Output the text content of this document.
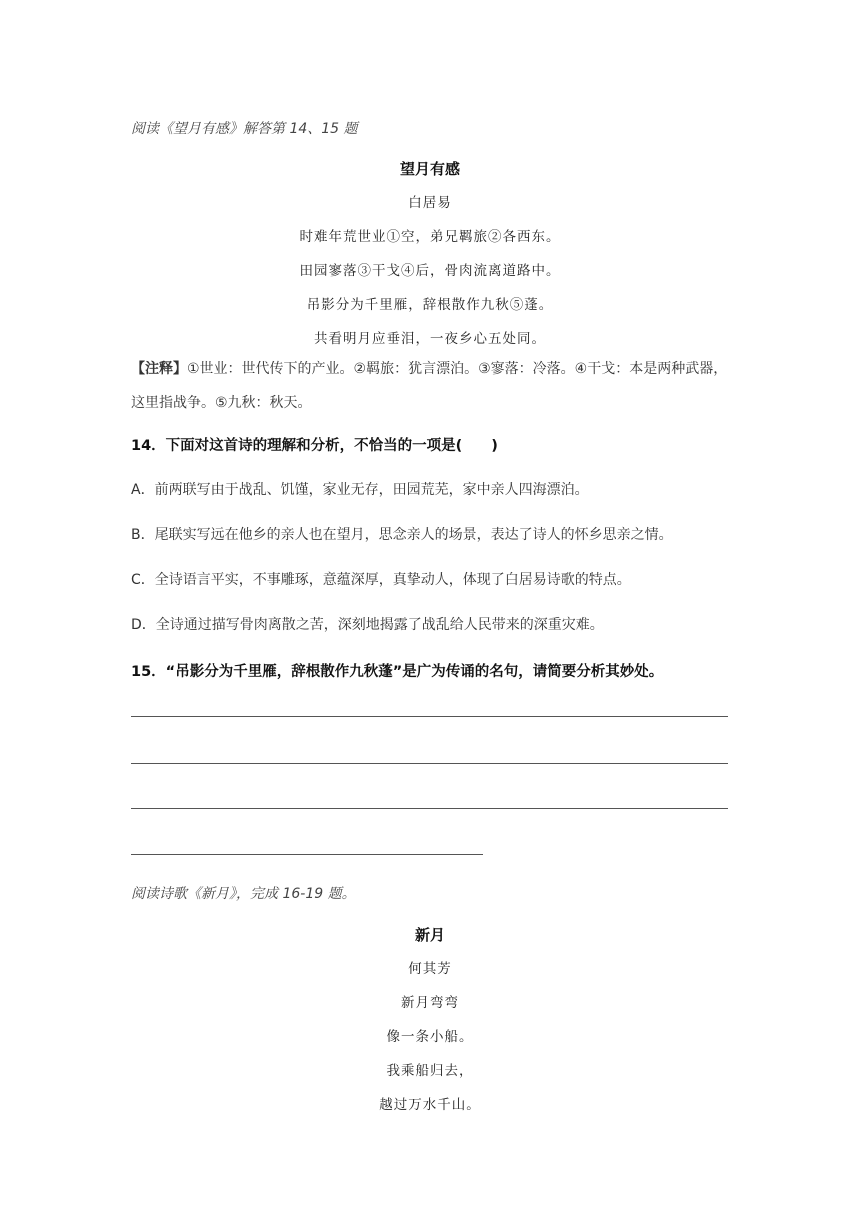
阅读《望月有感》解答第 14、15 题
望月有感
白居易
时难年荒世业①空，弟兄羁旅②各西东。
田园寥落③干戈④后，骨肉流离道路中。
吊影分为千里雁，辞根散作九秋⑤蓬。
共看明月应垂泪，一夜乡心五处同。
【注释】①世业：世代传下的产业。②羁旅：犹言漂泊。③寥落：冷落。④干戈：本是两种武器，这里指战争。⑤九秋：秋天。
14．下面对这首诗的理解和分析，不恰当的一项是(　　)
A．前两联写由于战乱、饥馑，家业无存，田园荒芜，家中亲人四海漂泊。
B．尾联实写远在他乡的亲人也在望月，思念亲人的场景，表达了诗人的怀乡思亲之情。
C．全诗语言平实，不事雕琢，意蕴深厚，真挚动人，体现了白居易诗歌的特点。
D．全诗通过描写骨肉离散之苦，深刻地揭露了战乱给人民带来的深重灾难。
15．“吊影分为千里雁，辞根散作九秋蓬”是广为传诵的名句，请简要分析其妙处。
阅读诗歌《新月》，完成 16-19 题。
新月
何其芳
新月弯弯
像一条小船。
我乘船归去，
越过万水千山。
